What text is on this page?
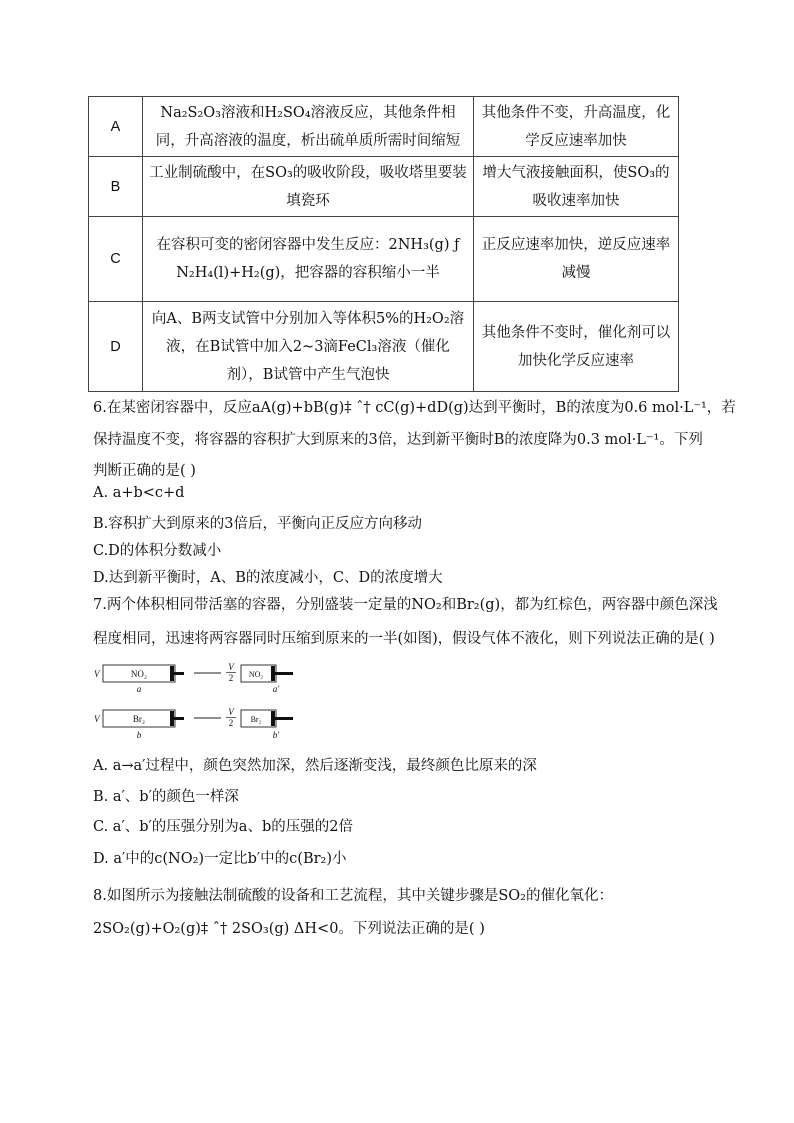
A	Na₂S₂O₃溶液和H₂SO₄溶液反应，其他条件相同，升高溶液的温度，析出硫单质所需时间缩短	其他条件不变，升高温度，化学反应速率加快
B	工业制硫酸中，在SO₃的吸收阶段，吸收塔里要装填瓷环	增大气液接触面积，使SO₃的吸收速率加快
C	在容积可变的密闭容器中发生反应：2NH₃(g) ƒ N₂H₄(l)+H₂(g)，把容器的容积缩小一半	正反应速率加快，逆反应速率减慢
D	向A、B两支试管中分别加入等体积5%的H₂O₂溶液，在B试管中加入2~3滴FeCl₃溶液（催化剂），B试管中产生气泡快	其他条件不变时，催化剂可以加快化学反应速率
6.在某密闭容器中，反应aA(g)+bB(g)‡ ˆ† cC(g)+dD(g)达到平衡时，B的浓度为0.6 mol·L⁻¹，若
保持温度不变，将容器的容积扩大到原来的3倍，达到新平衡时B的浓度降为0.3 mol·L⁻¹。下列
判断正确的是( )
A. a+b<c+d
B.容积扩大到原来的3倍后，平衡向正反应方向移动
C.D的体积分数减小
D.达到新平衡时，A、B的浓度减小，C、D的浓度增大
7.两个体积相同带活塞的容器，分别盛装一定量的NO₂和Br₂(g)，都为红棕色，两容器中颜色深浅
程度相同，迅速将两容器同时压缩到原来的一半(如图)，假设气体不液化，则下列说法正确的是( )
V	NO₂
a
V
2 NO₂
a′
V	Br₂
b
V
2 Br₂
b′
A. a→a′过程中，颜色突然加深，然后逐渐变浅，最终颜色比原来的深
B. a′、b′的颜色一样深
C. a′、b′的压强分别为a、b的压强的2倍
D. a′中的c(NO₂)一定比b′中的c(Br₂)小
8.如图所示为接触法制硫酸的设备和工艺流程，其中关键步骤是SO₂的催化氧化：
2SO₂(g)+O₂(g)‡ ˆ† 2SO₃(g) ΔH<0。下列说法正确的是( )
